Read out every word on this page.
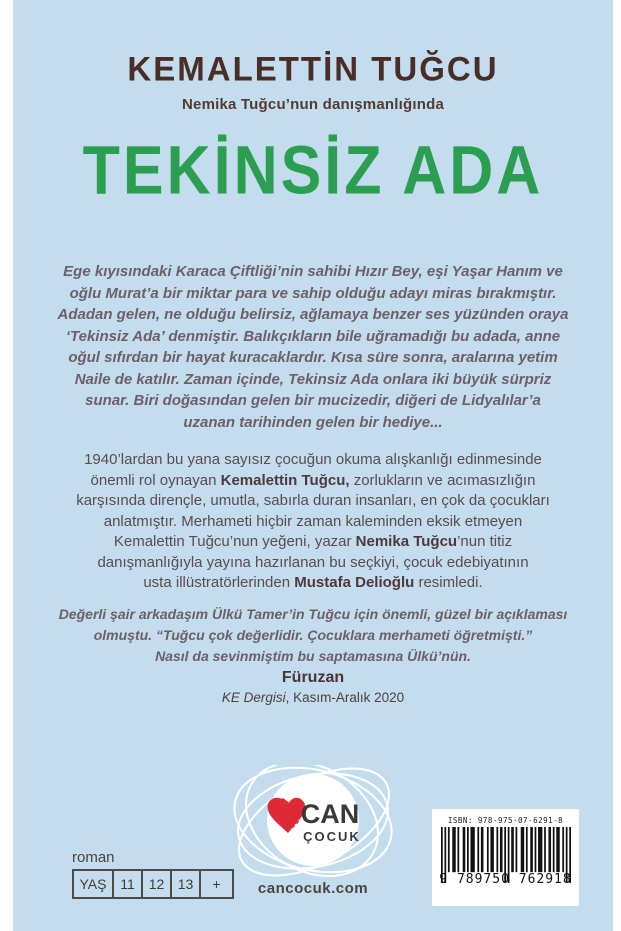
KEMALETTİN TUĞCU
Nemika Tuğcu’nun danışmanlığında
TEKİNSİZ ADA
Ege kıyısındaki Karaca Çiftliği’nin sahibi Hızır Bey, eşi Yaşar Hanım ve
oğlu Murat’a bir miktar para ve sahip olduğu adayı miras bırakmıştır.
Adadan gelen, ne olduğu belirsiz, ağlamaya benzer ses yüzünden oraya
‘Tekinsiz Ada’ denmiştir. Balıkçıkların bile uğramadığı bu adada, anne
oğul sıfırdan bir hayat kuracaklardır. Kısa süre sonra, aralarına yetim
Naile de katılır. Zaman içinde, Tekinsiz Ada onlara iki büyük sürpriz
sunar. Biri doğasından gelen bir mucizedir, diğeri de Lidyalılar’a
uzanan tarihinden gelen bir hediye...
1940’lardan bu yana sayısız çocuğun okuma alışkanlığı edinmesinde
önemli rol oynayan Kemalettin Tuğcu, zorlukların ve acımasızlığın
karşısında dirençle, umutla, sabırla duran insanları, en çok da çocukları
anlatmıştır. Merhameti hiçbir zaman kaleminden eksik etmeyen
Kemalettin Tuğcu’nun yeğeni, yazar Nemika Tuğcu’nun titiz
danışmanlığıyla yayına hazırlanan bu seçkiyi, çocuk edebiyatının
usta illüstratörlerinden Mustafa Delioğlu resimledi.
Değerli şair arkadaşım Ülkü Tamer’in Tuğcu için önemli, güzel bir açıklaması
olmuştu. “Tuğcu çok değerlidir. Çocuklara merhameti öğretmişti.”
Nasıl da sevinmiştim bu saptamasına Ülkü’nün.
Füruzan
KE Dergisi, Kasım-Aralık 2020
CAN
ÇOCUK
cancocuk.com
roman
YAŞ 11 12 13	+
ISBN: 978-975-07-6291-8
9 789750 762918
